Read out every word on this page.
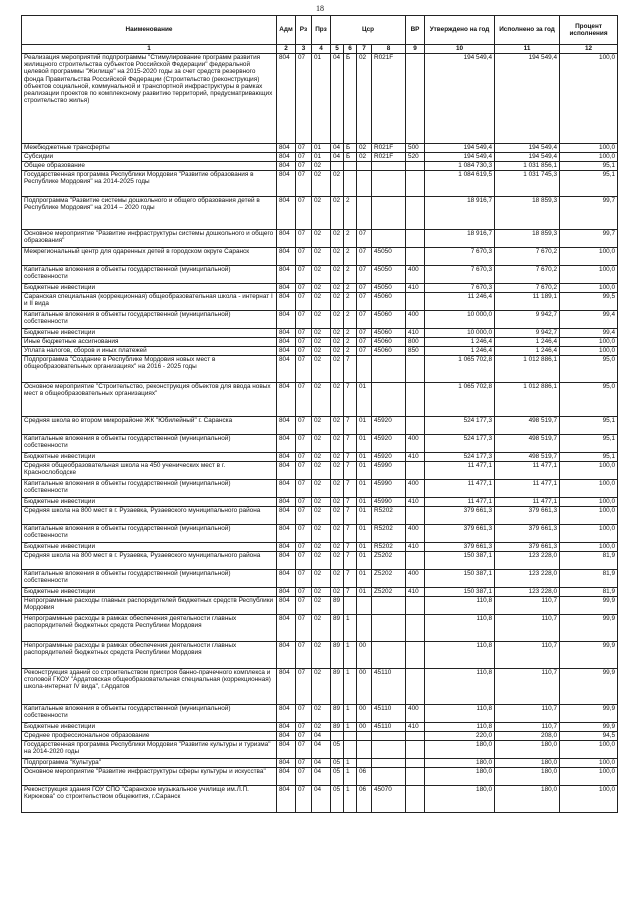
18
Наименование	Адм	Рз	Прз	Цср				ВР	Утверждено на год	Исполнено за год	Процент исполнения
1	2	3	4	5	6	7	8	9	10	11	12
Реализация мероприятий подпрограммы "Стимулирование программ развития жилищного строительства субъектов Российской Федерации" федеральной целевой программы "Жилище" на 2015-2020 годы за счет средств резервного фонда Правительства Российской Федерации (Строительство (реконструкция) объектов социальной, коммунальной и транспортной инфраструктуры в рамках реализации проектов по комплексному развитию территорий, предусматривающих строительство жилья)	804	07	01	04	Б	02	R021F		194 549,4	194 549,4	100,0
Межбюджетные трансферты	804	07	01	04	Б	02	R021F	500	194 549,4	194 549,4	100,0
Субсидии	804	07	01	04	Б	02	R021F	520	194 549,4	194 549,4	100,0
Общее образование	804	07	02						1 084 730,3	1 031 856,1	95,1
Государственная программа Республики Мордовия "Развитие образования в Республике Мордовия" на 2014-2025 годы	804	07	02	02					1 084 619,5	1 031 745,3	95,1
Подпрограмма "Развитие системы дошкольного и общего образования детей в Республике Мордовия" на 2014 – 2020 годы	804	07	02	02	2				18 916,7	18 859,3	99,7
Основное мероприятие "Развитие инфраструктуры системы дошкольного и общего образования"	804	07	02	02	2	07			18 916,7	18 859,3	99,7
Межрегиональный центр для одаренных детей в городском округе Саранск	804	07	02	02	2	07	45050		7 670,3	7 670,2	100,0
Капитальные вложения в объекты государственной (муниципальной) собственности	804	07	02	02	2	07	45050	400	7 670,3	7 670,2	100,0
Бюджетные инвестиции	804	07	02	02	2	07	45050	410	7 670,3	7 670,2	100,0
Саранская специальная (коррекционная) общеобразовательная школа - интернат I и II вида	804	07	02	02	2	07	45060		11 246,4	11 189,1	99,5
Капитальные вложения в объекты государственной (муниципальной) собственности	804	07	02	02	2	07	45060	400	10 000,0	9 942,7	99,4
Бюджетные инвестиции	804	07	02	02	2	07	45060	410	10 000,0	9 942,7	99,4
Иные бюджетные ассигнования	804	07	02	02	2	07	45060	800	1 246,4	1 246,4	100,0
Уплата налогов, сборов и иных платежей	804	07	02	02	2	07	45060	850	1 246,4	1 246,4	100,0
Подпрограмма "Создание в Республике Мордовия новых мест в общеобразовательных организациях" на 2016 - 2025 годы	804	07	02	02	7				1 065 702,8	1 012 886,1	95,0
Основное мероприятие "Строительство, реконструкция объектов для ввода новых мест в общеобразовательных организациях"	804	07	02	02	7	01			1 065 702,8	1 012 886,1	95,0
Средняя школа во втором микрорайоне ЖК "Юбилейный" г. Саранска	804	07	02	02	7	01	45920		524 177,3	498 519,7	95,1
Капитальные вложения в объекты государственной (муниципальной) собственности	804	07	02	02	7	01	45920	400	524 177,3	498 519,7	95,1
Бюджетные инвестиции	804	07	02	02	7	01	45920	410	524 177,3	498 519,7	95,1
Средняя общеобразовательная школа на 450 ученических мест в г. Краснослободске	804	07	02	02	7	01	45990		11 477,1	11 477,1	100,0
Капитальные вложения в объекты государственной (муниципальной) собственности	804	07	02	02	7	01	45990	400	11 477,1	11 477,1	100,0
Бюджетные инвестиции	804	07	02	02	7	01	45990	410	11 477,1	11 477,1	100,0
Средняя школа на 800 мест в г. Рузаевка, Рузаевского муниципального района	804	07	02	02	7	01	R5202		379 661,3	379 661,3	100,0
Капитальные вложения в объекты государственной (муниципальной) собственности	804	07	02	02	7	01	R5202	400	379 661,3	379 661,3	100,0
Бюджетные инвестиции	804	07	02	02	7	01	R5202	410	379 661,3	379 661,3	100,0
Средняя школа на 800 мест в г. Рузаевка, Рузаевского муниципального района	804	07	02	02	7	01	Z5202		150 387,1	123 228,0	81,9
Капитальные вложения в объекты государственной (муниципальной) собственности	804	07	02	02	7	01	Z5202	400	150 387,1	123 228,0	81,9
Бюджетные инвестиции	804	07	02	02	7	01	Z5202	410	150 387,1	123 228,0	81,9
Непрограммные расходы главных распорядителей бюджетных средств Республики Мордовия	804	07	02	89					110,8	110,7	99,9
Непрограммные расходы в рамках обеспечения деятельности главных распорядителей бюджетных средств Республики Мордовия	804	07	02	89	1				110,8	110,7	99,9
Непрограммные расходы в рамках обеспечения деятельности главных распорядителей бюджетных средств Республики Мордовия	804	07	02	89	1	00			110,8	110,7	99,9
Реконструкция зданий со строительством пристроя банно-прачечного комплекса и столовой ГКОУ "Ардатовская общеобразовательная специальная (коррекционная) школа-интернат IV вида", г.Ардатов	804	07	02	89	1	00	45110		110,8	110,7	99,9
Капитальные вложения в объекты государственной (муниципальной) собственности	804	07	02	89	1	00	45110	400	110,8	110,7	99,9
Бюджетные инвестиции	804	07	02	89	1	00	45110	410	110,8	110,7	99,9
Среднее профессиональное образование	804	07	04						220,0	208,0	94,5
Государственная программа Республики Мордовия "Развитие культуры и туризма" на 2014-2020 годы	804	07	04	05					180,0	180,0	100,0
Подпрограмма "Культура"	804	07	04	05	1				180,0	180,0	100,0
Основное мероприятие "Развитие инфраструктуры сферы культуры и искусства"	804	07	04	05	1	06			180,0	180,0	100,0
Реконструкция здания ГОУ СПО "Саранское музыкальное училище им.Л.П. Кирюкова" со строительством общежития, г.Саранск	804	07	04	05	1	06	45070		180,0	180,0	100,0
